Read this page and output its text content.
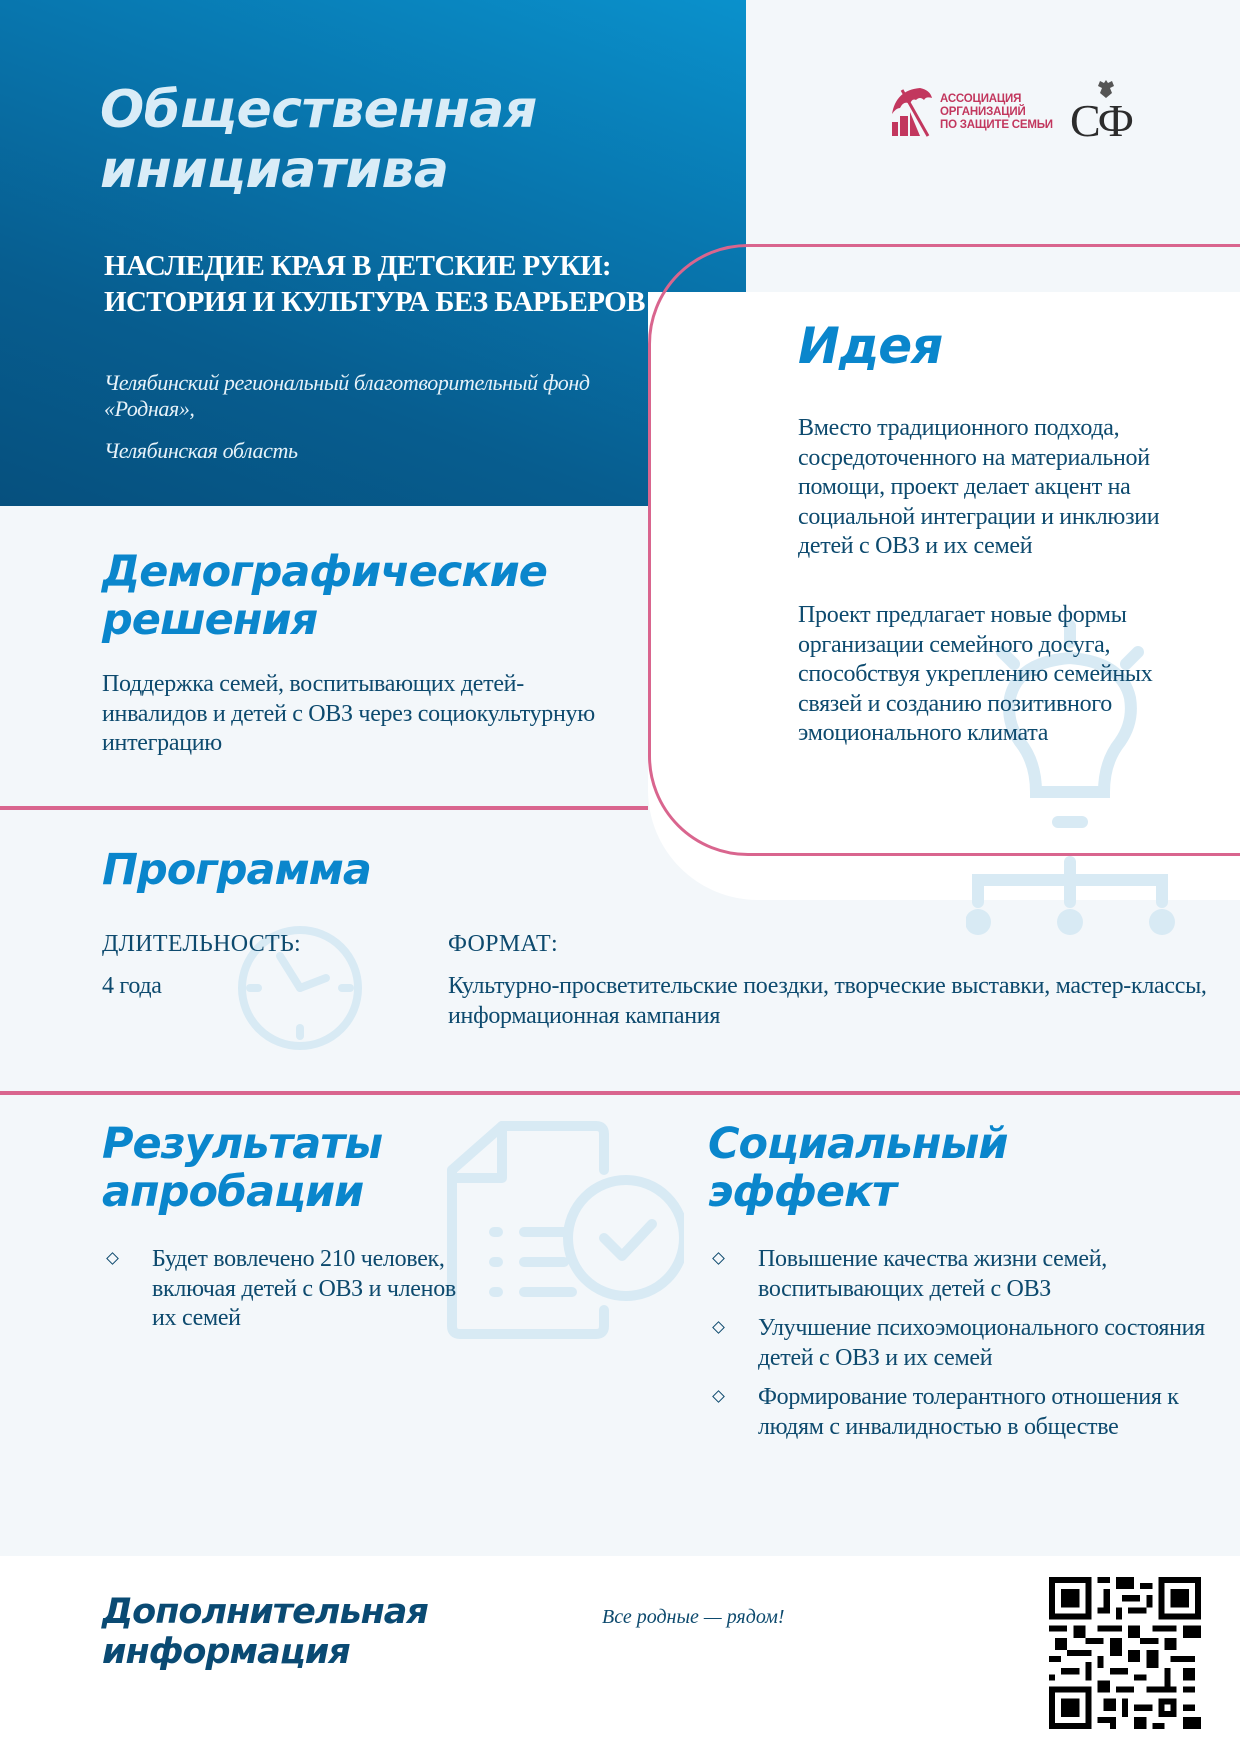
Общественная
инициатива
НАСЛЕДИЕ КРАЯ В ДЕТСКИЕ РУКИ: ИСТОРИЯ И КУЛЬТУРА БЕЗ БАРЬЕРОВ
Челябинский региональный благотворительный фонд «Родная»,
Челябинская область
АССОЦИАЦИЯ
ОРГАНИЗАЦИЙ
ПО ЗАЩИТЕ СЕМЬИ СФ
Идея
Вместо традиционного подхода, сосредоточенного на материальной помощи, проект делает акцент на социальной интеграции и инклюзии детей с ОВЗ и их семей
Проект предлагает новые формы организации семейного досуга, способствуя укреплению семейных связей и созданию позитивного эмоционального климата
Демографические
решения
Поддержка семей, воспитывающих детей-инвалидов и детей с ОВЗ через социокультурную интеграцию
Программа
ДЛИТЕЛЬНОСТЬ:
4 года
ФОРМАТ:
Культурно-просветительские поездки, творческие выставки, мастер-классы, информационная кампания
Результаты
апробации
Будет вовлечено 210 человек, включая детей с ОВЗ и членов их семей
Социальный
эффект
Повышение качества жизни семей, воспитывающих детей с ОВЗ
Улучшение психоэмоционального состояния детей с ОВЗ и их семей
Формирование толерантного отношения к людям с инвалидностью в обществе
Дополнительная
информация
Все родные — рядом!
